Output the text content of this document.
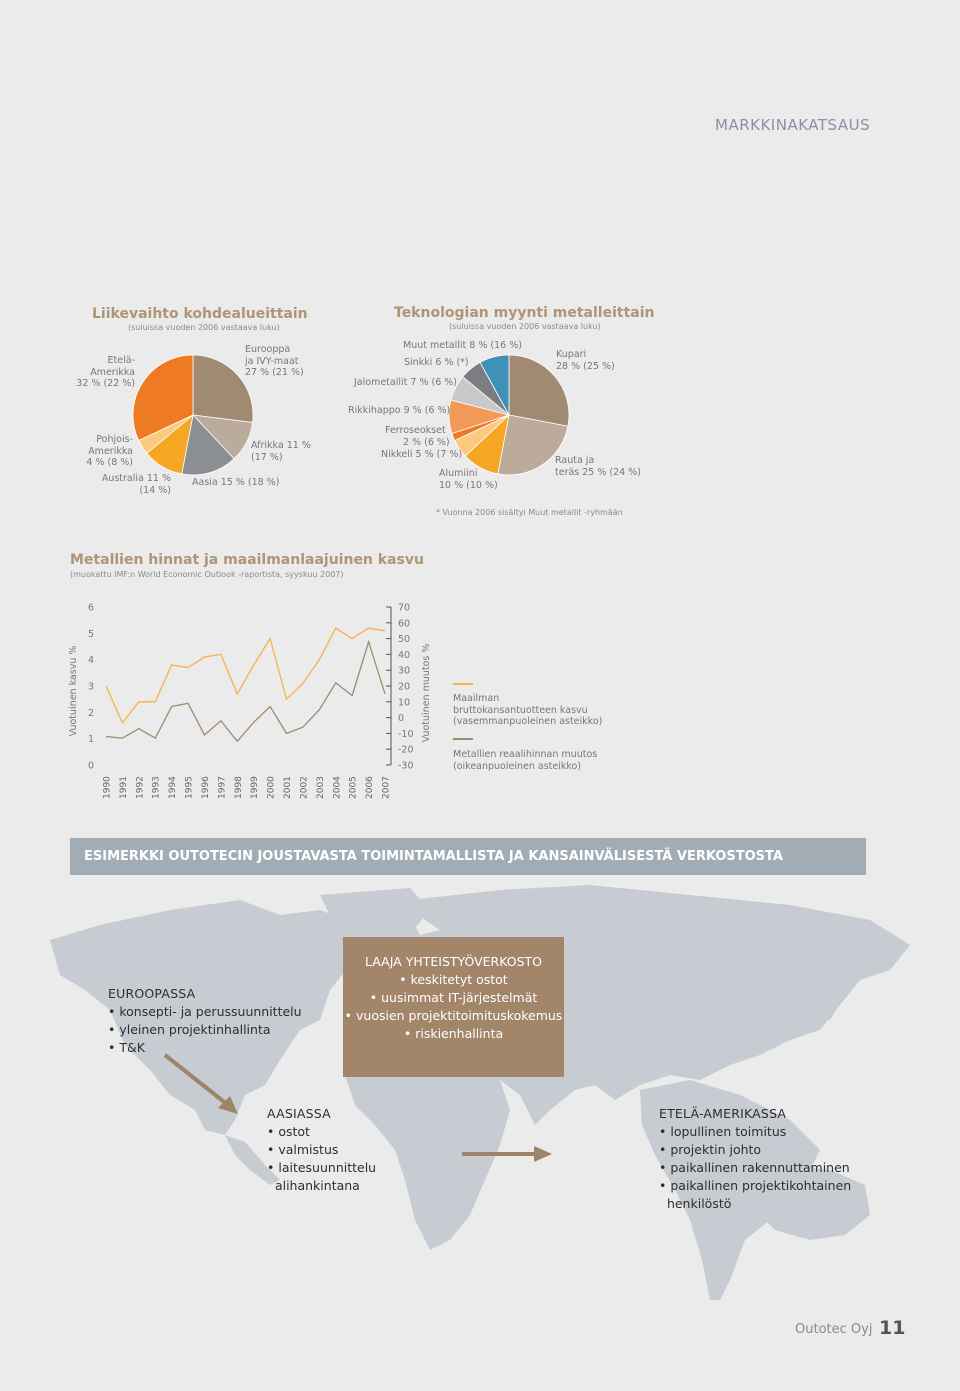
MARKKINAKATSAUS
Liikevaihto kohdealueittain
(suluissa vuoden 2006 vastaava luku)
Eurooppa
ja IVY-maat
27 % (21 %)
Afrikka 11 %
(17 %)
Aasia 15 % (18 %)
Australia 11 %
(14 %)
Pohjois-
Amerikka
4 % (8 %)
Etelä-
Amerikka
32 % (22 %)
Teknologian myynti metalleittain
(suluissa vuoden 2006 vastaava luku)
Muut metallit 8 % (16 %)
Sinkki 6 % (*)
Jalometallit 7 % (6 %)
Rikkihappo 9 % (6 %)
Ferroseokset
2 % (6 %)
Nikkeli 5 % (7 %)
Alumiini
10 % (10 %)
Kupari
28 % (25 %)
Rauta ja
teräs 25 % (24 %)
* Vuonna 2006 sisältyi Muut metallit -ryhmään
Metallien hinnat ja maailmanlaajuinen kasvu
(muokattu IMF:n World Economic Outlook -raportista, syyskuu 2007)
Vuotuinen kasvu %	Vuotuinen muutos %
0
1
2
3
4
5
6
-30
-20
-10
0
10
20
30
40
50
60
70
1990 1991 1992 1993 1994 1995 1996 1997 1998 1999 2000 2001 2002 2003 2004 2005 2006 2007
Maailman
bruttokansantuotteen kasvu
(vasemmanpuoleinen asteikko)
Metallien reaalihinnan muutos
(oikeanpuoleinen asteikko)
ESIMERKKI OUTOTECIN JOUSTAVASTA TOIMINTAMALLISTA JA KANSAINVÄLISESTÄ VERKOSTOSTA
EUROOPASSA
• konsepti- ja perussuunnittelu
• yleinen projektinhallinta
• T&K
LAAJA YHTEISTYÖVERKOSTO
• keskitetyt ostot
• uusimmat IT-järjestelmät
• vuosien projektitoimituskokemus
• riskienhallinta
AASIASSA
• ostot
• valmistus
• laitesuunnittelu
alihankintana
ETELÄ-AMERIKASSA
• lopullinen toimitus
• projektin johto
• paikallinen rakennuttaminen
• paikallinen projektikohtainen
henkilöstö
Outotec Oyj 11
